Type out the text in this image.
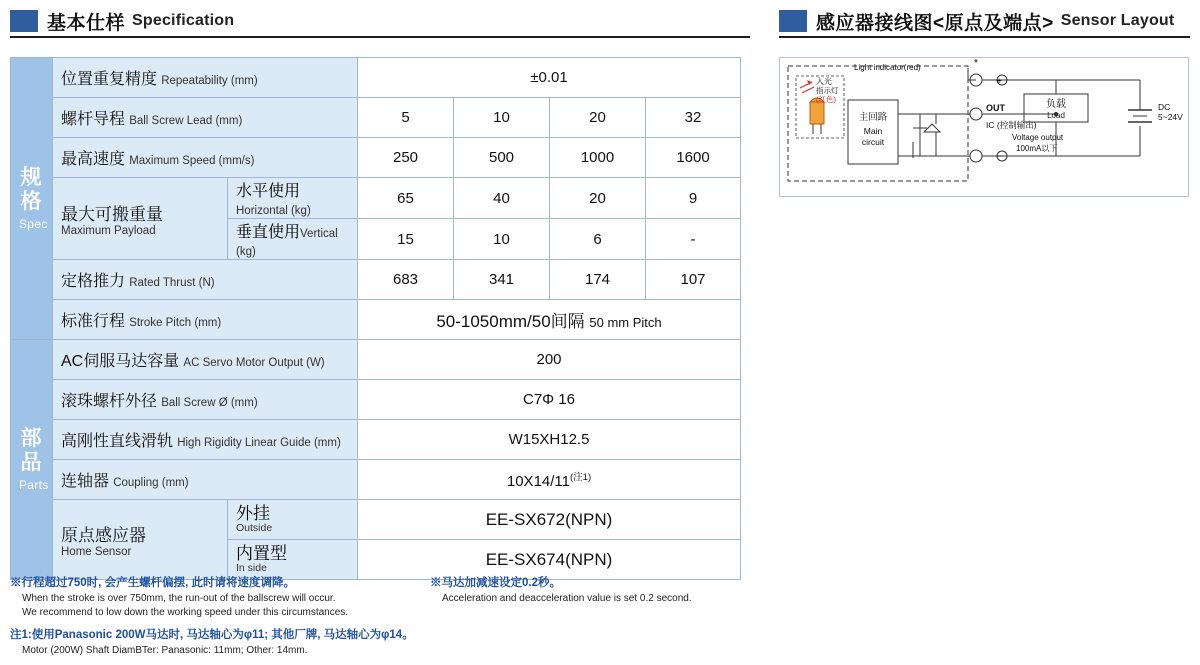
基本仕样 Specification	感应器接线图<原点及端点> Sensor Layout
规格
Spec	位置重复精度 Repeatability (mm)		±0.01			
	螺杆导程 Ball Screw Lead (mm)		5	10	20	32
	最高速度 Maximum Speed (mm/s)		250	500	1000	1600

	最大可搬重量
Maximum Payload	水平使用Horizontal (kg)	65	40	20	9
		垂直使用Vertical (kg)	15	10	6	-
	定格推力 Rated Thrust (N)		683	341	174	107
	标准行程 Stroke Pitch (mm)		50-1050mm/50间隔 50 mm Pitch			

部品
Parts	AC伺服马达容量 AC Servo Motor Output (W)		200			
	滚珠螺杆外径 Ball Screw Ø (mm)		C7Φ 16			
	高刚性直线滑轨 High Rigidity Linear Guide (mm)		W15XH12.5			
	连轴器 Coupling (mm)		10X14/11$^{(注1)}$

原点感应器
Home Sensor

外挂
Outside	EE-SX672(NPN)

		内置型
In side	EE-SX674(NPN)			
※行程超过750时, 会产生螺杆偏摆, 此时请将速度调降。
When the stroke is over 750mm, the run-out of the ballscrew will occur.
We recommend to low down the working speed under this circumstances.
※马达加减速设定0.2秒。
Acceleration and deacceleration value is set 0.2 second.
注1:使用Panasonic 200W马达时, 马达轴心为φ11; 其他厂牌, 马达轴心为φ14。
Motor (200W) Shaft DiamBTer: Panasonic: 11mm; Other: 14mm.
+
−
*
Light indicator(red)
入光
指示灯
(红色)
主回路
Main
circuit
负载
Load
OUT
IC (控制输出)
Voltage output
100mA以下
DC
5~24V
